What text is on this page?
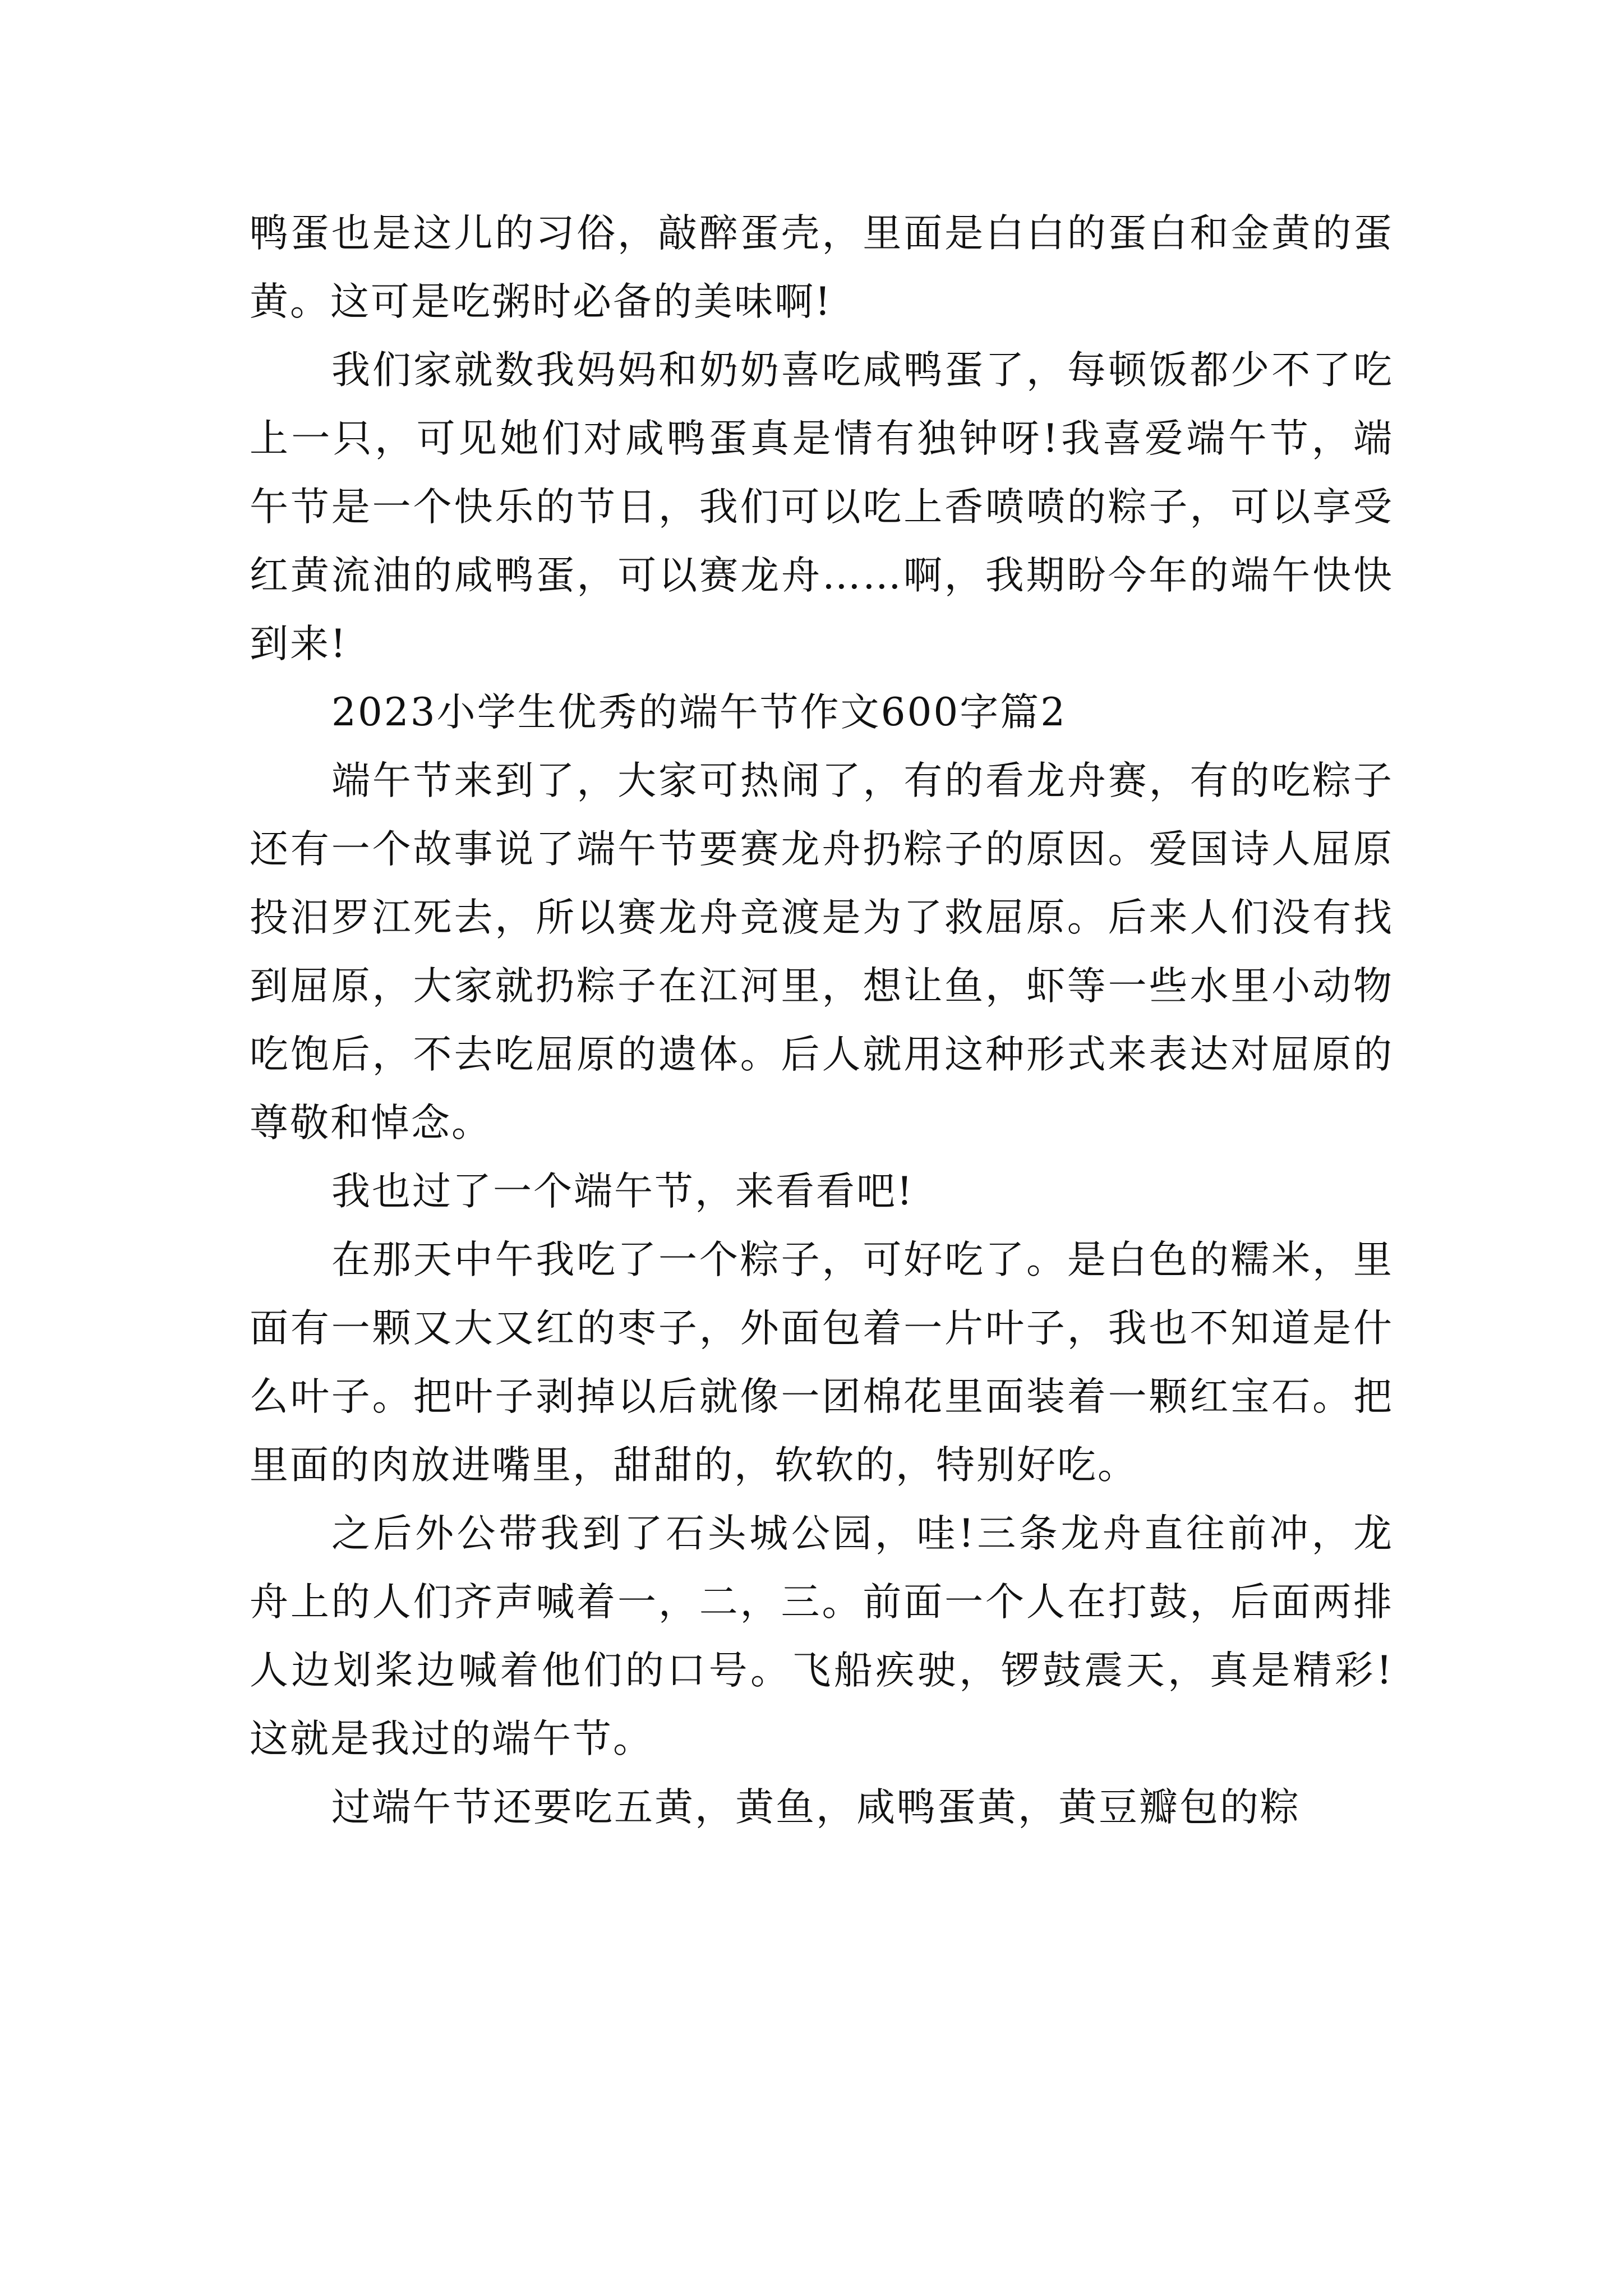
鸭蛋也是这儿的习俗，敲醉蛋壳，里面是白白的蛋白和金黄的蛋黄。这可是吃粥时必备的美味啊!

我们家就数我妈妈和奶奶喜吃咸鸭蛋了，每顿饭都少不了吃上一只，可见她们对咸鸭蛋真是情有独钟呀!我喜爱端午节，端午节是一个快乐的节日，我们可以吃上香喷喷的粽子，可以享受红黄流油的咸鸭蛋，可以赛龙舟……啊，我期盼今年的端午快快到来!

2023小学生优秀的端午节作文600字篇2

端午节来到了，大家可热闹了，有的看龙舟赛，有的吃粽子还有一个故事说了端午节要赛龙舟扔粽子的原因。爱国诗人屈原投汨罗江死去，所以赛龙舟竞渡是为了救屈原。后来人们没有找到屈原，大家就扔粽子在江河里，想让鱼，虾等一些水里小动物吃饱后，不去吃屈原的遗体。后人就用这种形式来表达对屈原的尊敬和悼念。

我也过了一个端午节，来看看吧!

在那天中午我吃了一个粽子，可好吃了。是白色的糯米，里面有一颗又大又红的枣子，外面包着一片叶子，我也不知道是什么叶子。把叶子剥掉以后就像一团棉花里面装着一颗红宝石。把里面的肉放进嘴里，甜甜的，软软的，特别好吃。

之后外公带我到了石头城公园，哇!三条龙舟直往前冲，龙舟上的人们齐声喊着一，二，三。前面一个人在打鼓，后面两排人边划桨边喊着他们的口号。飞船疾驶，锣鼓震天，真是精彩!这就是我过的端午节。

过端午节还要吃五黄，黄鱼，咸鸭蛋黄，黄豆瓣包的粽
